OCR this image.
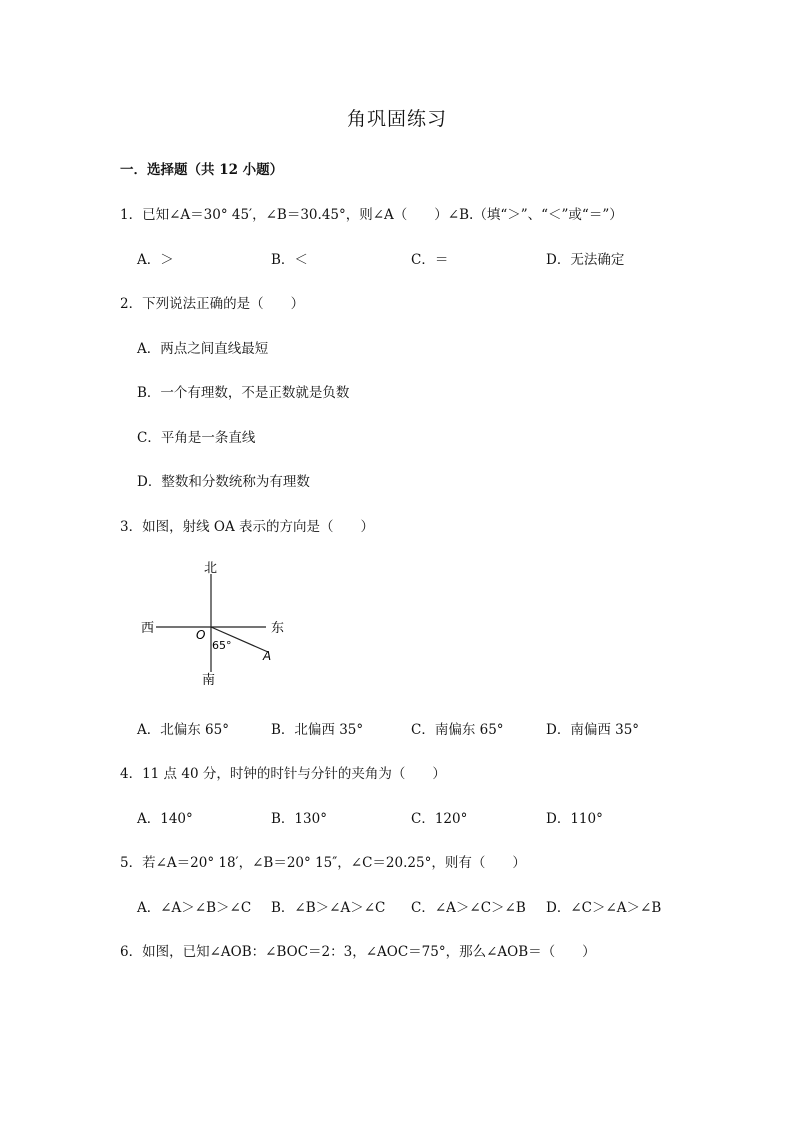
角巩固练习
一．选择题（共 12 小题）
1．已知∠A＝30° 45′，∠B＝30.45°，则∠A（　　）∠B.（填“＞”、“＜”或“＝”）
A．＞	B．＜	C．＝	D．无法确定
2．下列说法正确的是（　　）
A．两点之间直线最短
B．一个有理数，不是正数就是负数
C．平角是一条直线
D．整数和分数统称为有理数
3．如图，射线 OA 表示的方向是（　　）
北
南
东
西	O
A
65°
A．北偏东 65°	B．北偏西 35°	C．南偏东 65°	D．南偏西 35°
4．11 点 40 分，时钟的时针与分针的夹角为（　　）
A．140°	B．130°	C．120°	D．110°
5．若∠A＝20° 18′，∠B＝20° 15″，∠C＝20.25°，则有（　　）
A．∠A＞∠B＞∠C B．∠B＞∠A＞∠C C．∠A＞∠C＞∠B D．∠C＞∠A＞∠B
6．如图，已知∠AOB：∠BOC＝2：3，∠AOC＝75°，那么∠AOB＝（　　）
